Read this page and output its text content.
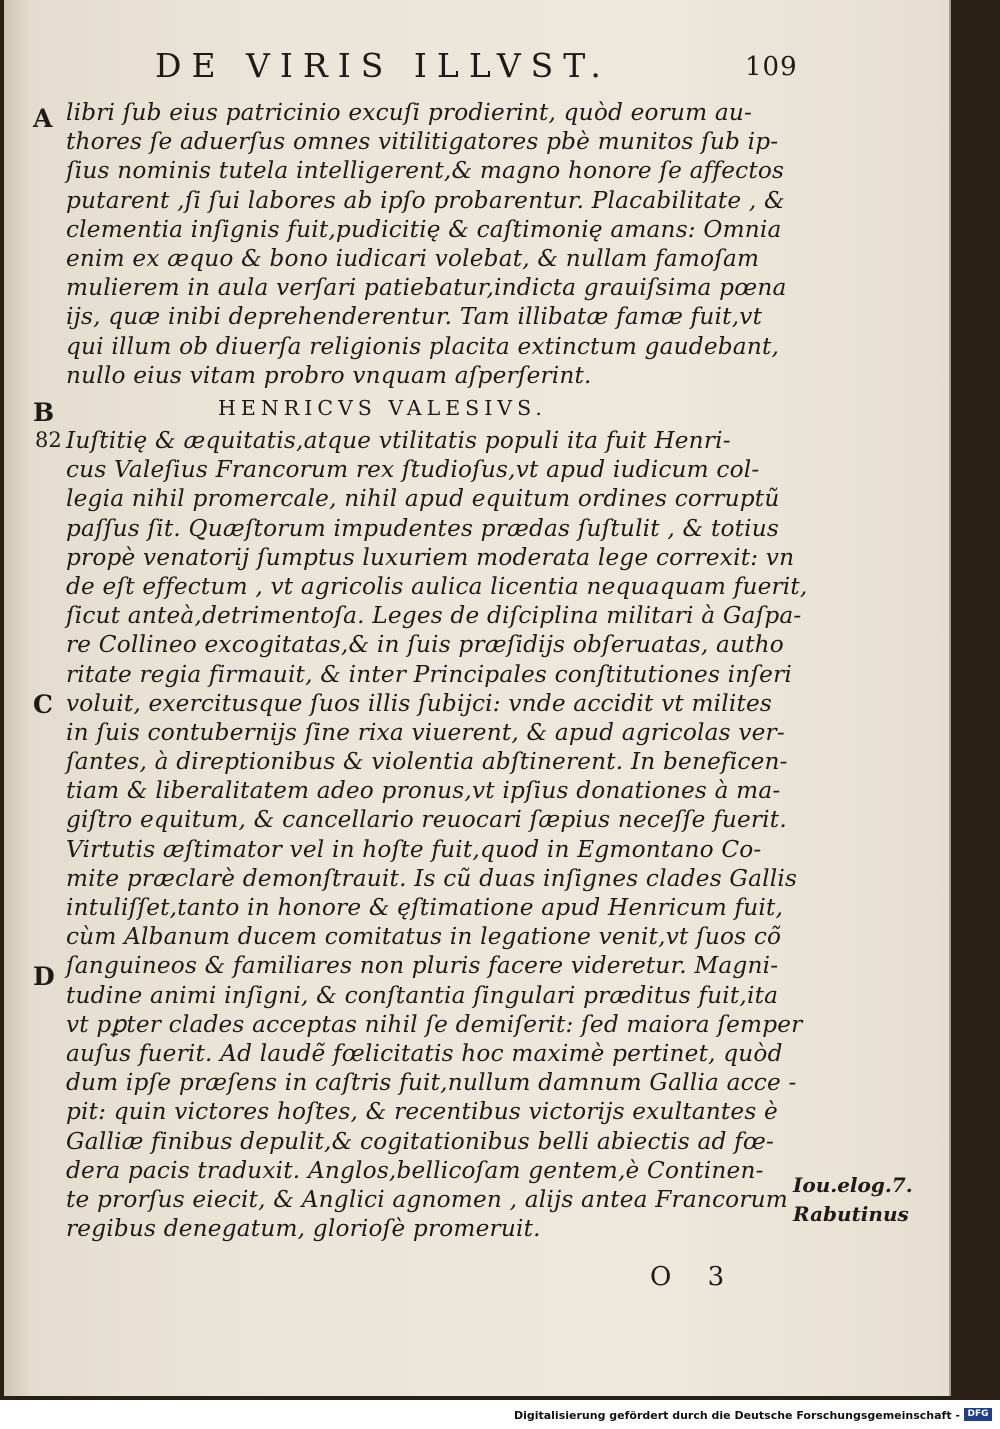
DE VIRIS ILLVST.	109
A
B
C
D
libri ſub eius patricinio excuſi prodierint, quòd eorum au-
thores ſe aduerſus omnes vitilitigatores pbè munitos ſub ip-
ſius nominis tutela intelligerent,& magno honore ſe affectos
putarent ,ſi ſui labores ab ipſo probarentur. Placabilitate , &
clementia inſignis fuit,pudicitię & caſtimonię amans: Omnia
enim ex æquo & bono iudicari volebat, & nullam famoſam
mulierem in aula verſari patiebatur,indicta grauiſsima pœna
ijs, quæ inibi deprehenderentur. Tam illibatæ famæ fuit,vt
qui illum ob diuerſa religionis placita extinctum gaudebant,
nullo eius vitam probro vnquam aſperſerint.
HENRICVS VALESIVS.
82 Iuſtitię & æquitatis,atque vtilitatis populi ita fuit Henri-
cus Valeſius Francorum rex ſtudioſus,vt apud iudicum col-
legia nihil promercale, nihil apud equitum ordines corruptũ
paſſus ſit. Quæſtorum impudentes prædas ſuſtulit , & totius
propè venatorij ſumptus luxuriem moderata lege correxit: vn
de eſt effectum , vt agricolis aulica licentia nequaquam fuerit,
ſicut anteà,detrimentoſa. Leges de diſciplina militari à Gaſpa-
re Collineo excogitatas,& in ſuis præſidijs obſeruatas, autho
ritate regia firmauit, & inter Principales conſtitutiones inſeri
voluit, exercitusque ſuos illis ſubijci: vnde accidit vt milites
in ſuis contubernijs ſine rixa viuerent, & apud agricolas ver-
ſantes, à direptionibus & violentia abſtinerent. In beneficen-
tiam & liberalitatem adeo pronus,vt ipſius donationes à ma-
giſtro equitum, & cancellario reuocari ſæpius neceſſe fuerit.
Virtutis æſtimator vel in hoſte fuit,quod in Egmontano Co-
mite præclarè demonſtrauit. Is cũ duas inſignes clades Gallis
intuliſſet,tanto in honore & ęſtimatione apud Henricum fuit,
cùm Albanum ducem comitatus in legatione venit,vt ſuos cõ
ſanguineos & familiares non pluris facere videretur. Magni-
tudine animi inſigni, & conſtantia ſingulari præditus fuit,ita
vt pꝑter clades acceptas nihil ſe demiſerit: ſed maiora ſemper
auſus fuerit. Ad laudẽ fœlicitatis hoc maximè pertinet, quòd
dum ipſe præſens in caſtris fuit,nullum damnum Gallia acce -
pit: quin victores hoſtes, & recentibus victorijs exultantes è
Galliæ finibus depulit,& cogitationibus belli abiectis ad fœ-
dera pacis traduxit. Anglos,bellicoſam gentem,è Continen-
te prorſus eiecit, & Anglici agnomen , alijs antea Francorum
regibus denegatum, glorioſè promeruit.
Iou.elog.7.
Rabutinus
O 3
Digitalisierung gefördert durch die Deutsche Forschungsgemeinschaft - DFG
